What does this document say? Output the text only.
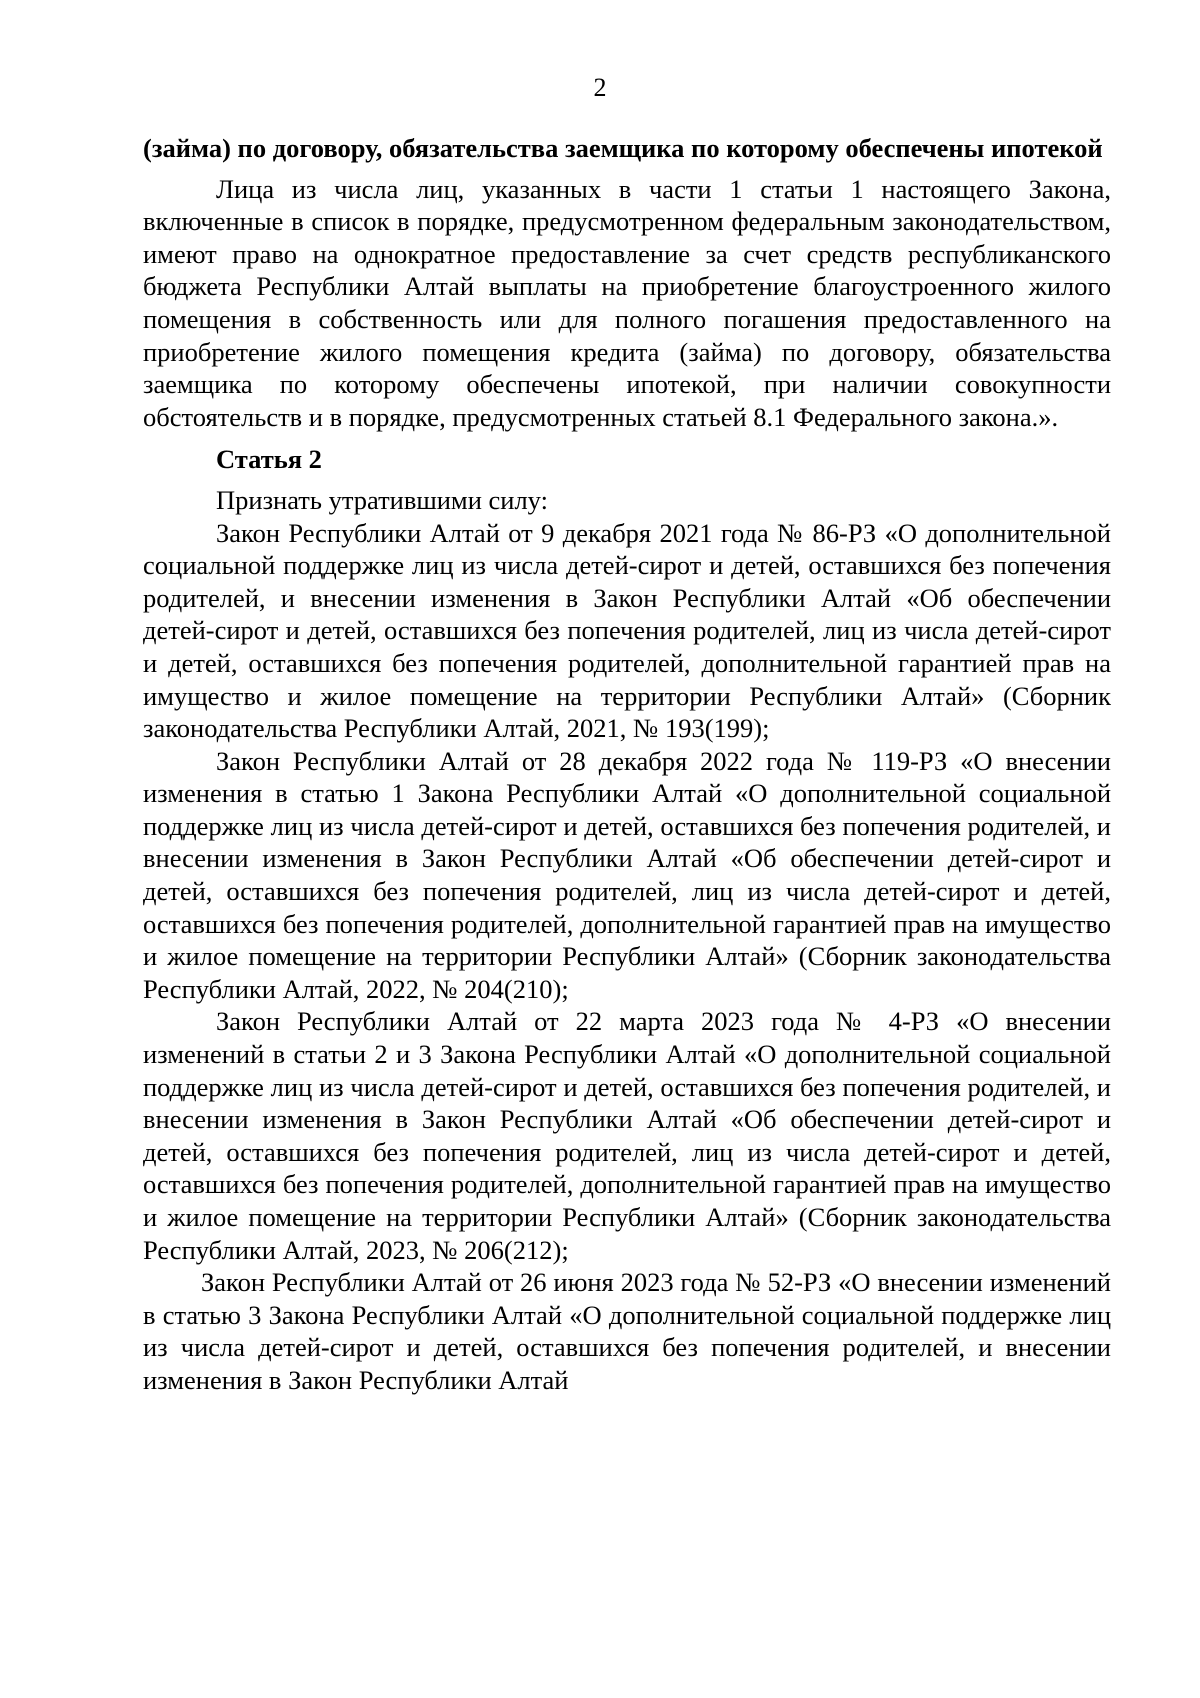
2

(займа) по договору, обязательства заемщика по которому обеспечены ипотекой

Лица из числа лиц, указанных в части 1 статьи 1 настоящего Закона, включенные в список в порядке, предусмотренном федеральным законодательством, имеют право на однократное предоставление за счет средств республиканского бюджета Республики Алтай выплаты на приобретение благоустроенного жилого помещения в собственность или для полного погашения предоставленного на приобретение жилого помещения кредита (займа) по договору, обязательства заемщика по которому обеспечены ипотекой, при наличии совокупности обстоятельств и в порядке, предусмотренных статьей 8.1 Федерального закона.».

Статья 2

Признать утратившими силу:

Закон Республики Алтай от 9 декабря 2021 года № 86-РЗ «О дополнительной социальной поддержке лиц из числа детей-сирот и детей, оставшихся без попечения родителей, и внесении изменения в Закон Республики Алтай «Об обеспечении детей-сирот и детей, оставшихся без попечения родителей, лиц из числа детей-сирот и детей, оставшихся без попечения родителей, дополнительной гарантией прав на имущество и жилое помещение на территории Республики Алтай» (Сборник законодательства Республики Алтай, 2021, № 193(199);

Закон Республики Алтай от 28 декабря 2022 года № 119-РЗ «О внесении изменения в статью 1 Закона Республики Алтай «О дополнительной социальной поддержке лиц из числа детей-сирот и детей, оставшихся без попечения родителей, и внесении изменения в Закон Республики Алтай «Об обеспечении детей-сирот и детей, оставшихся без попечения родителей, лиц из числа детей-сирот и детей, оставшихся без попечения родителей, дополнительной гарантией прав на имущество и жилое помещение на территории Республики Алтай» (Сборник законодательства Республики Алтай, 2022, № 204(210);

Закон Республики Алтай от 22 марта 2023 года № 4-РЗ «О внесении изменений в статьи 2 и 3 Закона Республики Алтай «О дополнительной социальной поддержке лиц из числа детей-сирот и детей, оставшихся без попечения родителей, и внесении изменения в Закон Республики Алтай «Об обеспечении детей-сирот и детей, оставшихся без попечения родителей, лиц из числа детей-сирот и детей, оставшихся без попечения родителей, дополнительной гарантией прав на имущество и жилое помещение на территории Республики Алтай» (Сборник законодательства Республики Алтай, 2023, № 206(212);

Закон Республики Алтай от 26 июня 2023 года № 52-РЗ «О внесении изменений в статью 3 Закона Республики Алтай «О дополнительной социальной поддержке лиц из числа детей-сирот и детей, оставшихся без попечения родителей, и внесении изменения в Закон Республики Алтай
